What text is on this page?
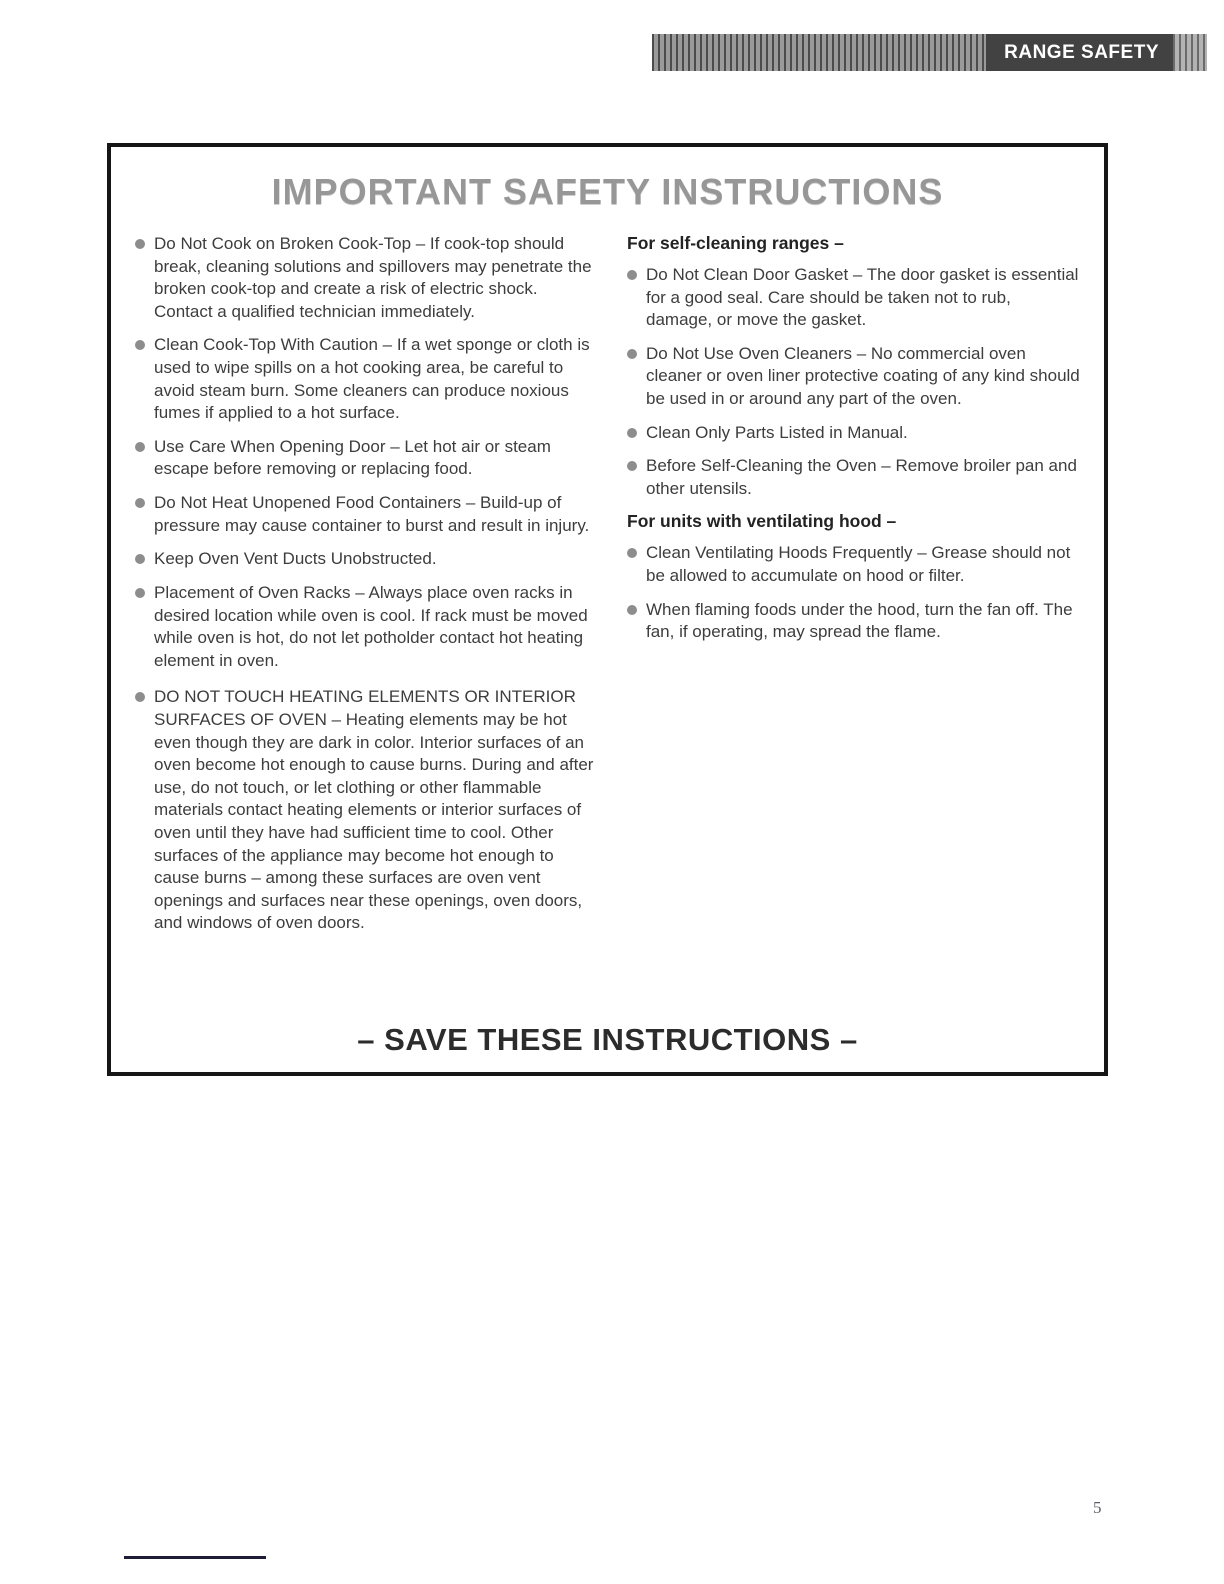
RANGE SAFETY
IMPORTANT SAFETY INSTRUCTIONS
Do Not Cook on Broken Cook-Top – If cook-top should break, cleaning solutions and spillovers may penetrate the broken cook-top and create a risk of electric shock. Contact a qualified technician immediately.
Clean Cook-Top With Caution – If a wet sponge or cloth is used to wipe spills on a hot cooking area, be careful to avoid steam burn. Some cleaners can produce noxious fumes if applied to a hot surface.
Use Care When Opening Door – Let hot air or steam escape before removing or replacing food.
Do Not Heat Unopened Food Containers – Build-up of pressure may cause container to burst and result in injury.
Keep Oven Vent Ducts Unobstructed.
Placement of Oven Racks – Always place oven racks in desired location while oven is cool. If rack must be moved while oven is hot, do not let potholder contact hot heating element in oven.
DO NOT TOUCH HEATING ELEMENTS OR INTERIOR SURFACES OF OVEN – Heating elements may be hot even though they are dark in color. Interior surfaces of an oven become hot enough to cause burns. During and after use, do not touch, or let clothing or other flammable materials contact heating elements or interior surfaces of oven until they have had sufficient time to cool. Other surfaces of the appliance may become hot enough to cause burns – among these surfaces are oven vent openings and surfaces near these openings, oven doors, and windows of oven doors.
For self-cleaning ranges –
Do Not Clean Door Gasket – The door gasket is essential for a good seal. Care should be taken not to rub, damage, or move the gasket.
Do Not Use Oven Cleaners – No commercial oven cleaner or oven liner protective coating of any kind should be used in or around any part of the oven.
Clean Only Parts Listed in Manual.
Before Self-Cleaning the Oven – Remove broiler pan and other utensils.
For units with ventilating hood –
Clean Ventilating Hoods Frequently – Grease should not be allowed to accumulate on hood or filter.
When flaming foods under the hood, turn the fan off. The fan, if operating, may spread the flame.
– SAVE THESE INSTRUCTIONS –
5
